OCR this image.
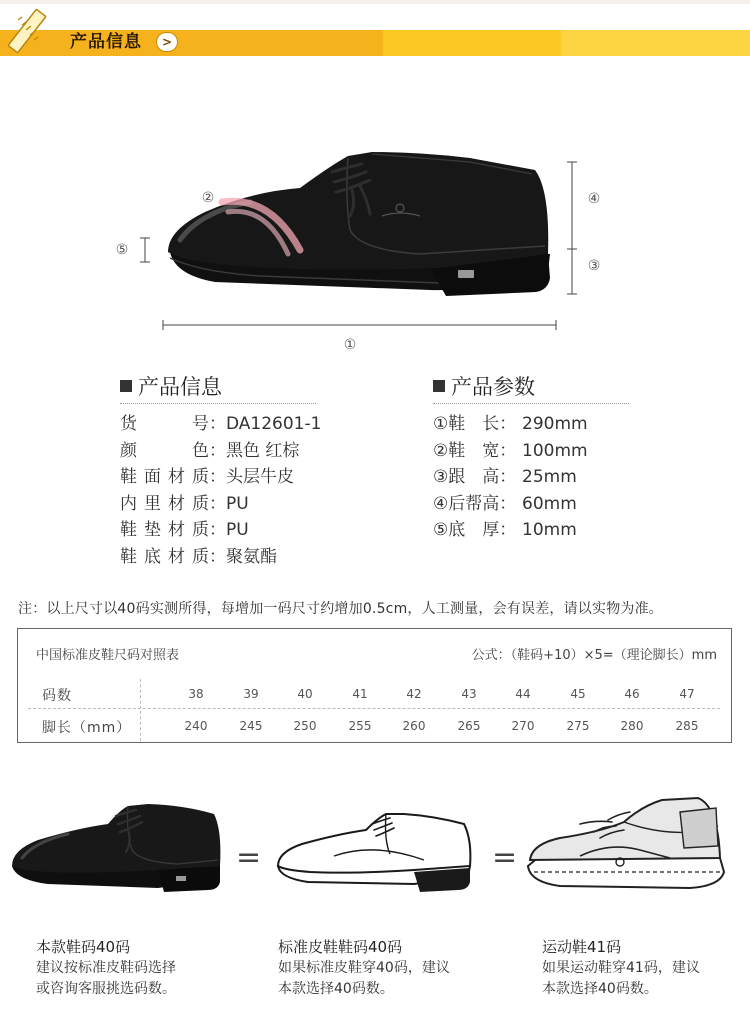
产品信息	>
①
②
③
④
⑤
产品信息
货号：DA12601-1
颜色：黑色 红棕
鞋面材质：头层牛皮
内里材质：PU
鞋垫材质：PU
鞋底材质：聚氨酯
产品参数
①鞋　长： 290mm
②鞋　宽： 100mm
③跟　高： 25mm
④后帮高： 60mm
⑤底　厚： 10mm
注：以上尺寸以40码实测所得，每增加一码尺寸约增加0.5cm，人工测量，会有误差，请以实物为准。
中国标准皮鞋尺码对照表	公式：（鞋码+10）×5=（理论脚长）mm
码数	38	39	40	41	42	43	44	45	46	47
脚长（mm）	240	245	250	255	260	265	270	275	280	285
=	=
本款鞋码40码
建议按标准皮鞋码选择
或咨询客服挑选码数。
标准皮鞋鞋码40码
如果标准皮鞋穿40码，建议
本款选择40码数。
运动鞋41码
如果运动鞋穿41码，建议
本款选择40码数。
